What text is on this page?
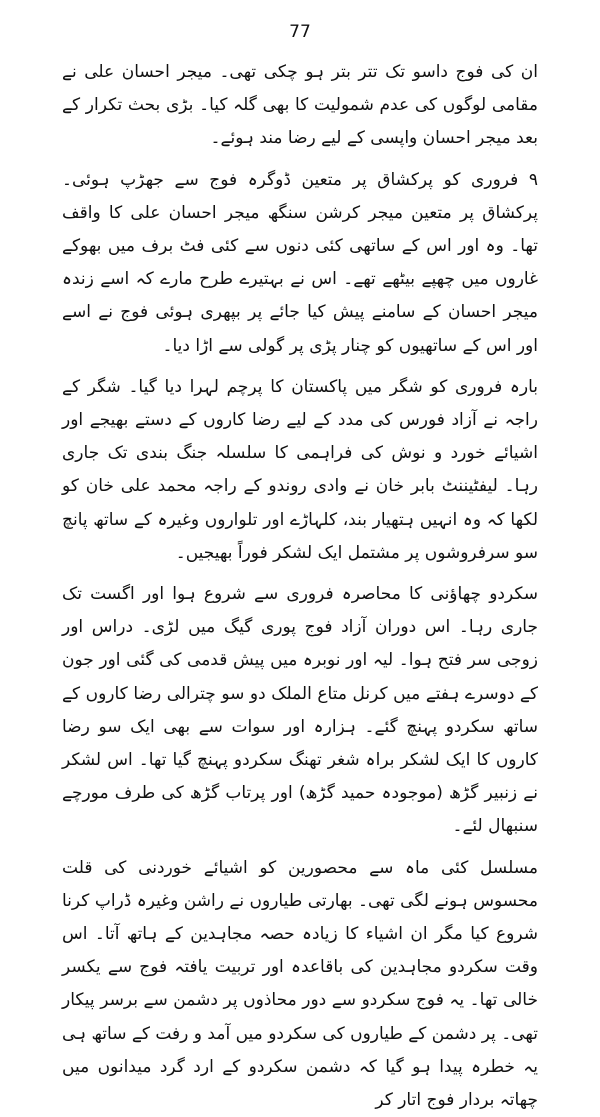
77

ان کی فوج داسو تک تتر بتر ہو چکی تھی۔ میجر احسان علی نے مقامی لوگوں کی عدم شمولیت کا بھی گلہ کیا۔ بڑی بحث تکرار کے بعد میجر احسان واپسی کے لیے رضا مند ہوئے۔

۹ فروری کو پرکشاق پر متعین ڈوگرہ فوج سے جھڑپ ہوئی۔ پرکشاق پر متعین میجر کرشن سنگھ میجر احسان علی کا واقف تھا۔ وہ اور اس کے ساتھی کئی دنوں سے کئی فٹ برف میں بھوکے غاروں میں چھپے بیٹھے تھے۔ اس نے بہتیرے طرح مارے کہ اسے زندہ میجر احسان کے سامنے پیش کیا جائے پر بپھری ہوئی فوج نے اسے اور اس کے ساتھیوں کو چنار پڑی پر گولی سے اڑا دیا۔

بارہ فروری کو شگر میں پاکستان کا پرچم لہرا دیا گیا۔ شگر کے راجہ نے آزاد فورس کی مدد کے لیے رضا کاروں کے دستے بھیجے اور اشیائے خورد و نوش کی فراہمی کا سلسلہ جنگ بندی تک جاری رہا۔ لیفٹیننٹ بابر خان نے وادی روندو کے راجہ محمد علی خان کو لکھا کہ وہ انہیں ہتھیار بند، کلہاڑے اور تلواروں وغیرہ کے ساتھ پانچ سو سرفروشوں پر مشتمل ایک لشکر فوراً بھیجیں۔

سکردو چھاؤنی کا محاصرہ فروری سے شروع ہوا اور اگست تک جاری رہا۔ اس دوران آزاد فوج پوری گیگ میں لڑی۔ دراس اور زوجی سر فتح ہوا۔ لیہ اور نوبرہ میں پیش قدمی کی گئی اور جون کے دوسرے ہفتے میں کرنل متاع الملک دو سو چترالی رضا کاروں کے ساتھ سکردو پہنچ گئے۔ ہزارہ اور سوات سے بھی ایک سو رضا کاروں کا ایک لشکر براہ شغر تھنگ سکردو پہنچ گیا تھا۔ اس لشکر نے زنبیر گڑھ (موجودہ حمید گڑھ) اور پرتاب گڑھ کی طرف مورچے سنبھال لئے۔

مسلسل کئی ماہ سے محصورین کو اشیائے خوردنی کی قلت محسوس ہونے لگی تھی۔ بھارتی طیاروں نے راشن وغیرہ ڈراپ کرنا شروع کیا مگر ان اشیاء کا زیادہ حصہ مجاہدین کے ہاتھ آتا۔ اس وقت سکردو مجاہدین کی باقاعدہ اور تربیت یافتہ فوج سے یکسر خالی تھا۔ یہ فوج سکردو سے دور محاذوں پر دشمن سے برسر پیکار تھی۔ پر دشمن کے طیاروں کی سکردو میں آمد و رفت کے ساتھ ہی یہ خطرہ پیدا ہو گیا کہ دشمن سکردو کے ارد گرد میدانوں میں چھاتہ بردار فوج اتار کر
